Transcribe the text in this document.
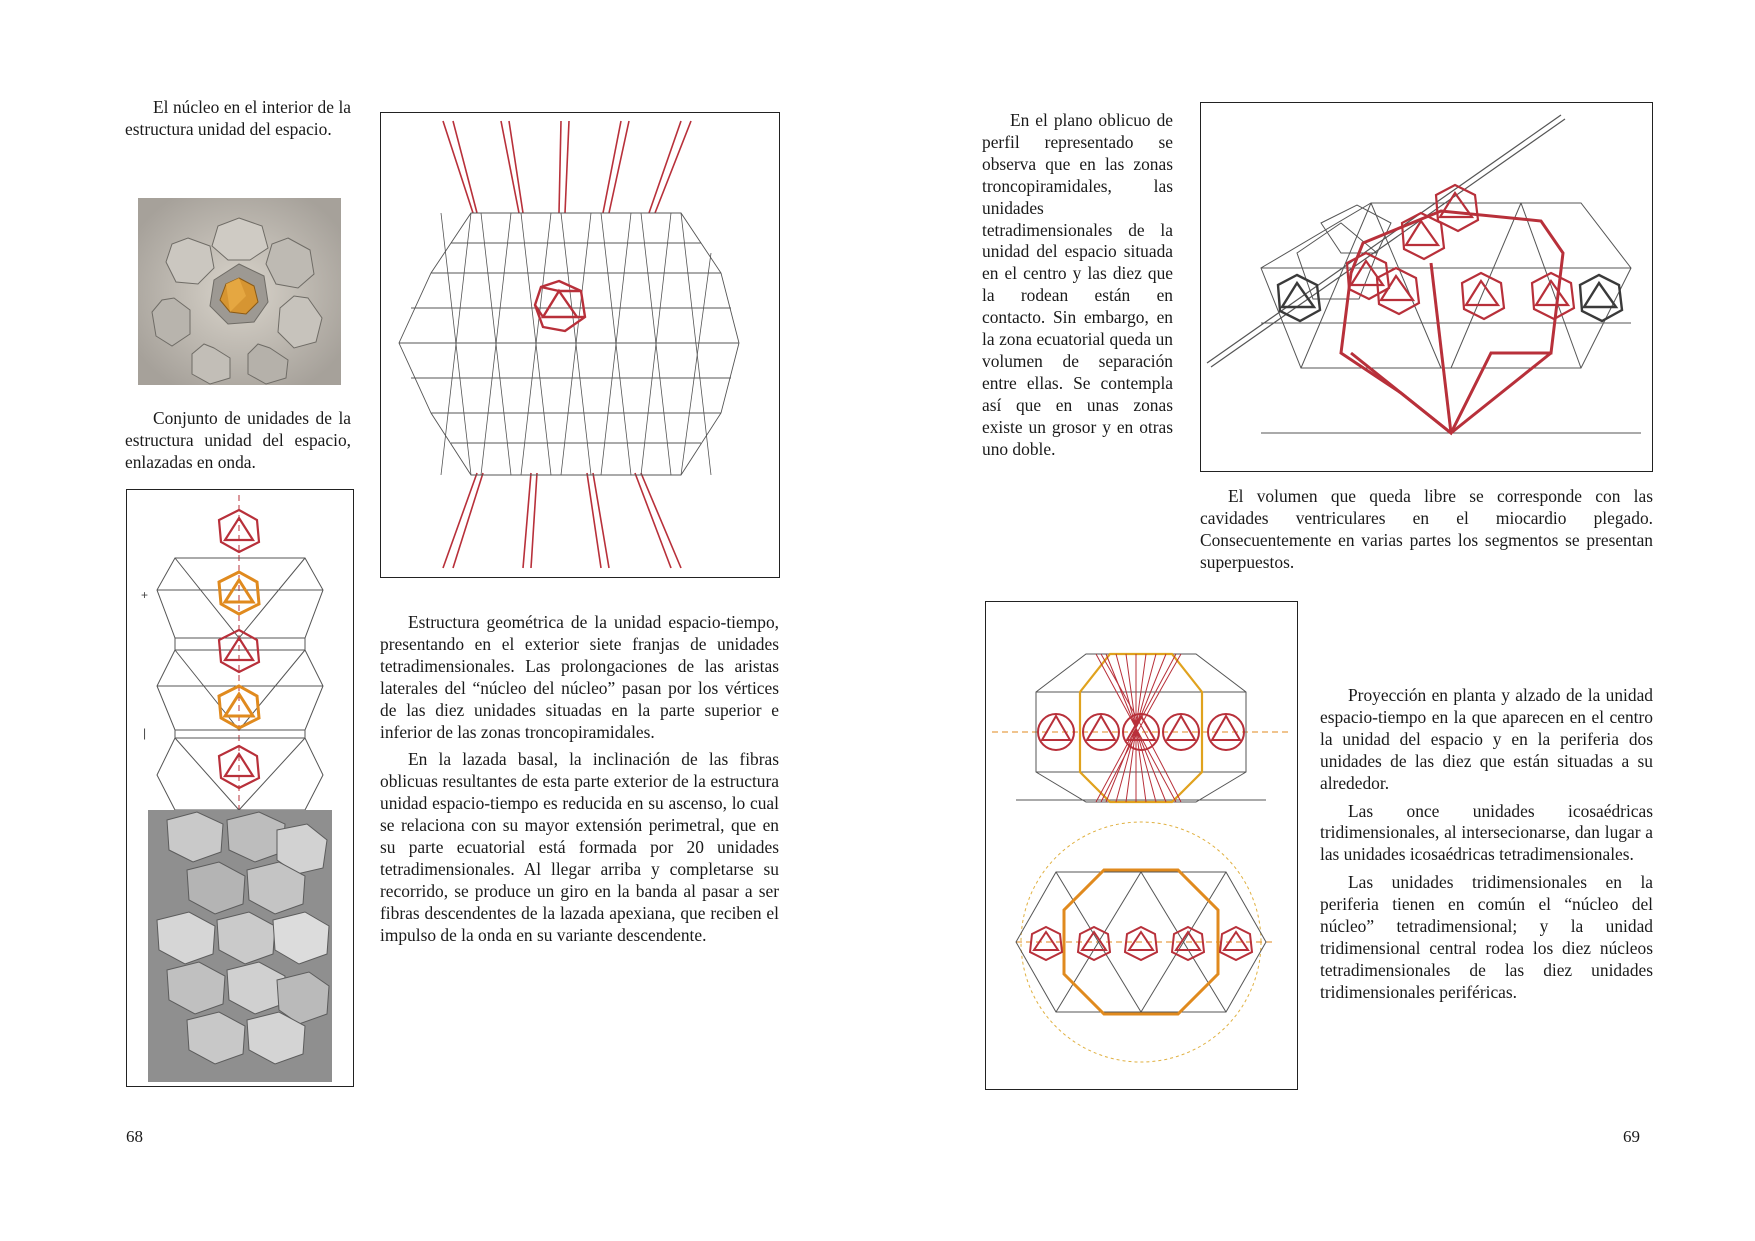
El núcleo en el interior de la estructura unidad del espacio.
Conjunto de unidades de la estructura unidad del espacio, enlazadas en onda.
+
|

Estructura geométrica de la unidad espacio-tiempo, presentando en el exterior siete franjas de unidades tetradimensionales. Las prolongaciones de las aristas laterales del “núcleo del núcleo” pasan por los vértices de las diez unidades situadas en la parte superior e inferior de las zonas troncopiramidales.

En la lazada basal, la inclinación de las fibras oblicuas resultantes de esta parte exterior de la estructura unidad espacio-tiempo es reducida en su ascenso, lo cual se relaciona con su mayor extensión perimetral, que en su parte ecuatorial está formada por 20 unidades tetradimensionales. Al llegar arriba y completarse su recorrido, se produce un giro en la banda al pasar a ser fibras descendentes de la lazada apexiana, que reciben el impulso de la onda en su variante descendente.

68
En el plano oblicuo de perfil representado se observa que en las zonas troncopiramidales, las unidades tetradimensionales de la unidad del espacio situada en el centro y las diez que la rodean están en contacto. Sin embargo, en la zona ecuatorial queda un volumen de separación entre ellas. Se contempla así que en unas zonas existe un grosor y en otras uno doble.
El volumen que queda libre se corresponde con las cavidades ventriculares en el miocardio plegado. Consecuentemente en varias partes los segmentos se presentan superpuestos.

Proyección en planta y alzado de la unidad espacio-tiempo en la que aparecen en el centro la unidad del espacio y en la periferia dos unidades de las diez que están situadas a su alrededor.

Las once unidades icosaédricas tridimensionales, al intersecionarse, dan lugar a las unidades icosaédricas tetradimensionales.

Las unidades tridimensionales en la periferia tienen en común el “núcleo del núcleo” tetradimensional; y la unidad tridimensional central rodea los diez núcleos tetradimensionales de las diez unidades tridimensionales periféricas.

69
